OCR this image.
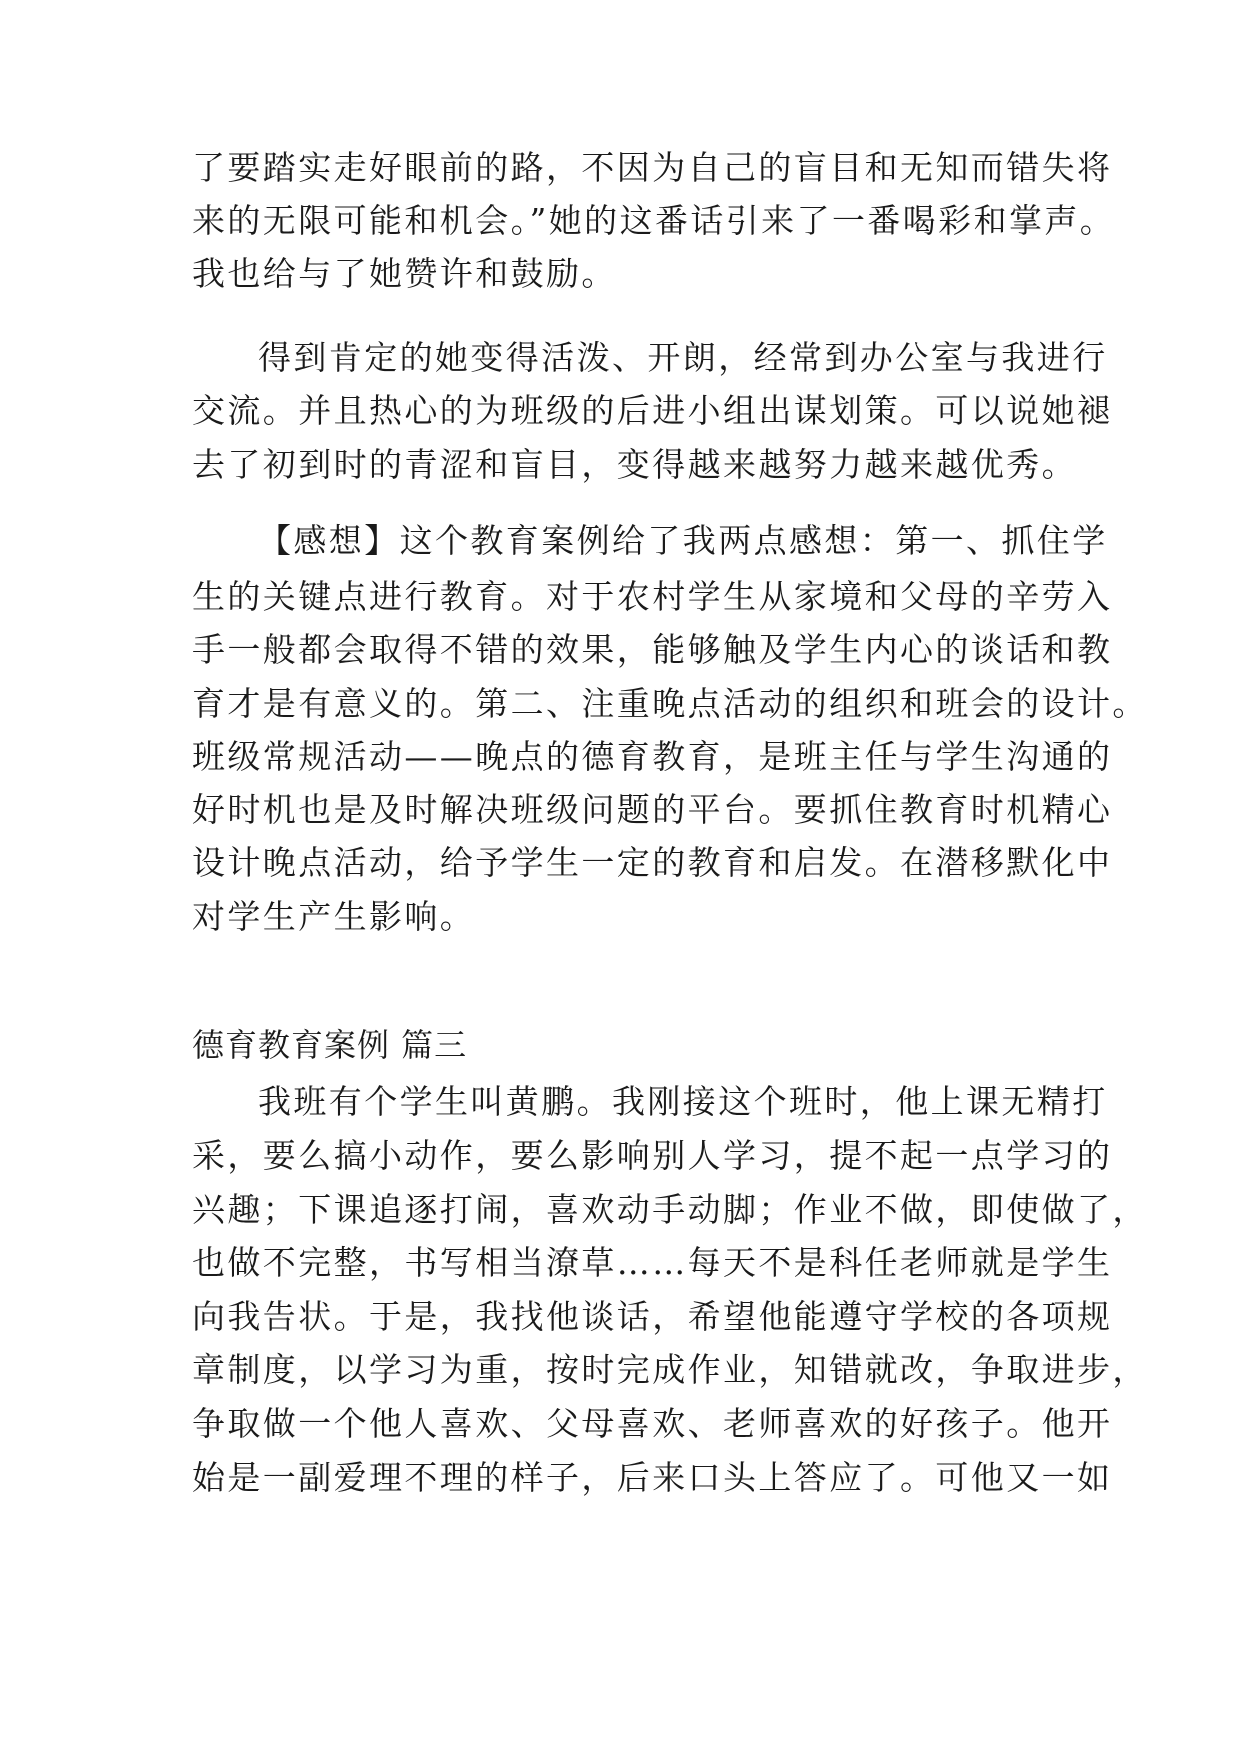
了要踏实走好眼前的路，不因为自己的盲目和无知而错失将
来的无限可能和机会。”她的这番话引来了一番喝彩和掌声。
我也给与了她赞许和鼓励。
得到肯定的她变得活泼、开朗，经常到办公室与我进行
交流。并且热心的为班级的后进小组出谋划策。可以说她褪
去了初到时的青涩和盲目，变得越来越努力越来越优秀。
【感想】这个教育案例给了我两点感想：第一、抓住学
生的关键点进行教育。对于农村学生从家境和父母的辛劳入
手一般都会取得不错的效果，能够触及学生内心的谈话和教
育才是有意义的。第二、注重晚点活动的组织和班会的设计。
班级常规活动——晚点的德育教育，是班主任与学生沟通的
好时机也是及时解决班级问题的平台。要抓住教育时机精心
设计晚点活动，给予学生一定的教育和启发。在潜移默化中
对学生产生影响。
德育教育案例 篇三
我班有个学生叫黄鹏。我刚接这个班时，他上课无精打
采，要么搞小动作，要么影响别人学习，提不起一点学习的
兴趣；下课追逐打闹，喜欢动手动脚；作业不做，即使做了，
也做不完整，书写相当潦草……每天不是科任老师就是学生
向我告状。于是，我找他谈话，希望他能遵守学校的各项规
章制度，以学习为重，按时完成作业，知错就改，争取进步，
争取做一个他人喜欢、父母喜欢、老师喜欢的好孩子。他开
始是一副爱理不理的样子，后来口头上答应了。可他又一如
